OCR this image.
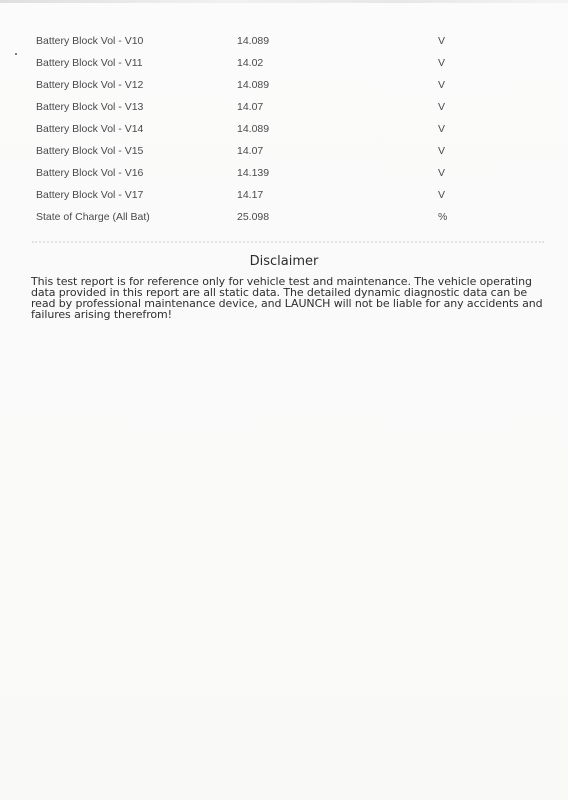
Battery Block Vol - V10	14.089	V
Battery Block Vol - V11	14.02	V
Battery Block Vol - V12	14.089	V
Battery Block Vol - V13	14.07	V
Battery Block Vol - V14	14.089	V
Battery Block Vol - V15	14.07	V
Battery Block Vol - V16	14.139	V
Battery Block Vol - V17	14.17	V
State of Charge (All Bat)	25.098	%
Disclaimer
This test report is for reference only for vehicle test and maintenance. The vehicle operating data provided in this report are all static data. The detailed dynamic diagnostic data can be read by professional maintenance device, and LAUNCH will not be liable for any accidents and failures arising therefrom!
